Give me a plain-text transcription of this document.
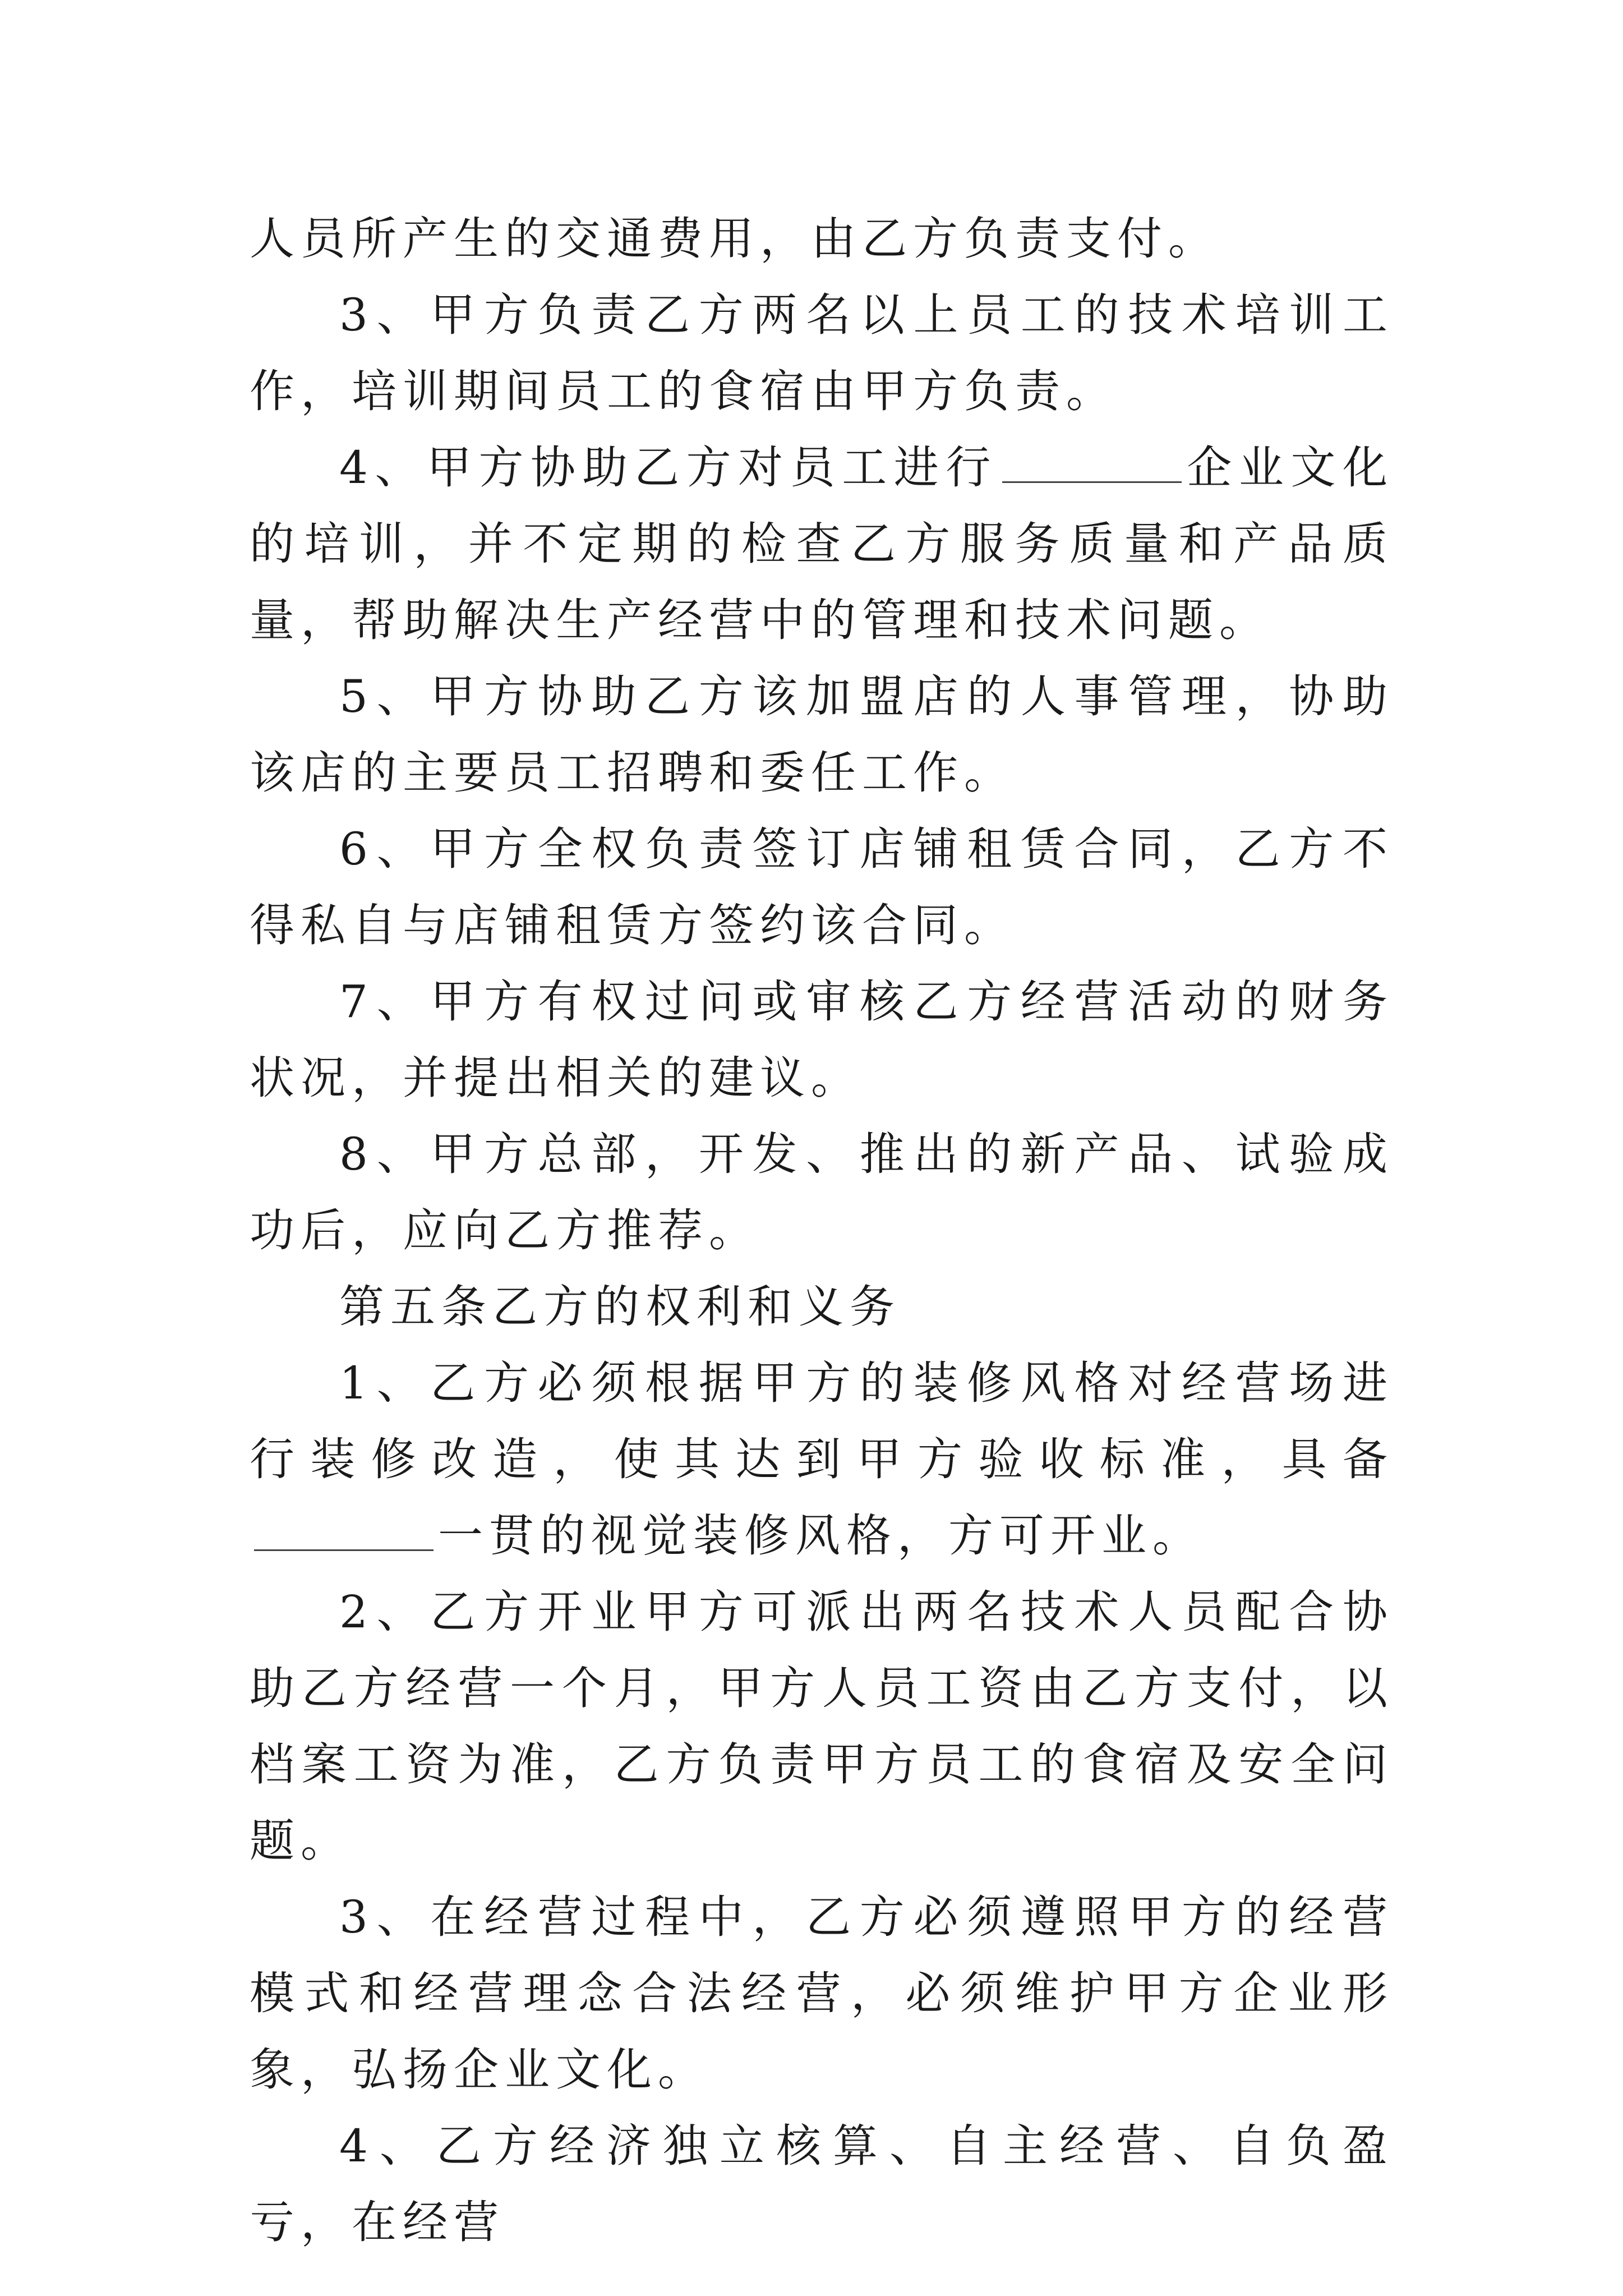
人员所产生的交通费用，由乙方负责支付。

3、甲方负责乙方两名以上员工的技术培训工作，培训期间员工的食宿由甲方负责。

4、甲方协助乙方对员工进行	企业文化的培训，并不定期的检查乙方服务质量和产品质量，帮助解决生产经营中的管理和技术问题。

5、甲方协助乙方该加盟店的人事管理，协助该店的主要员工招聘和委任工作。

6、甲方全权负责签订店铺租赁合同，乙方不得私自与店铺租赁方签约该合同。

7、甲方有权过问或审核乙方经营活动的财务状况，并提出相关的建议。

8、甲方总部，开发、推出的新产品、试验成功后，应向乙方推荐。

第五条乙方的权利和义务

1、乙方必须根据甲方的装修风格对经营场进行装修改造，使其达到甲方验收标准，具备一贯的视觉装修风格，方可开业。

2、乙方开业甲方可派出两名技术人员配合协助乙方经营一个月，甲方人员工资由乙方支付，以档案工资为准，乙方负责甲方员工的食宿及安全问题。

3、在经营过程中，乙方必须遵照甲方的经营模式和经营理念合法经营，必须维护甲方企业形象，弘扬企业文化。

4、乙方经济独立核算、自主经营、自负盈亏，在经营
